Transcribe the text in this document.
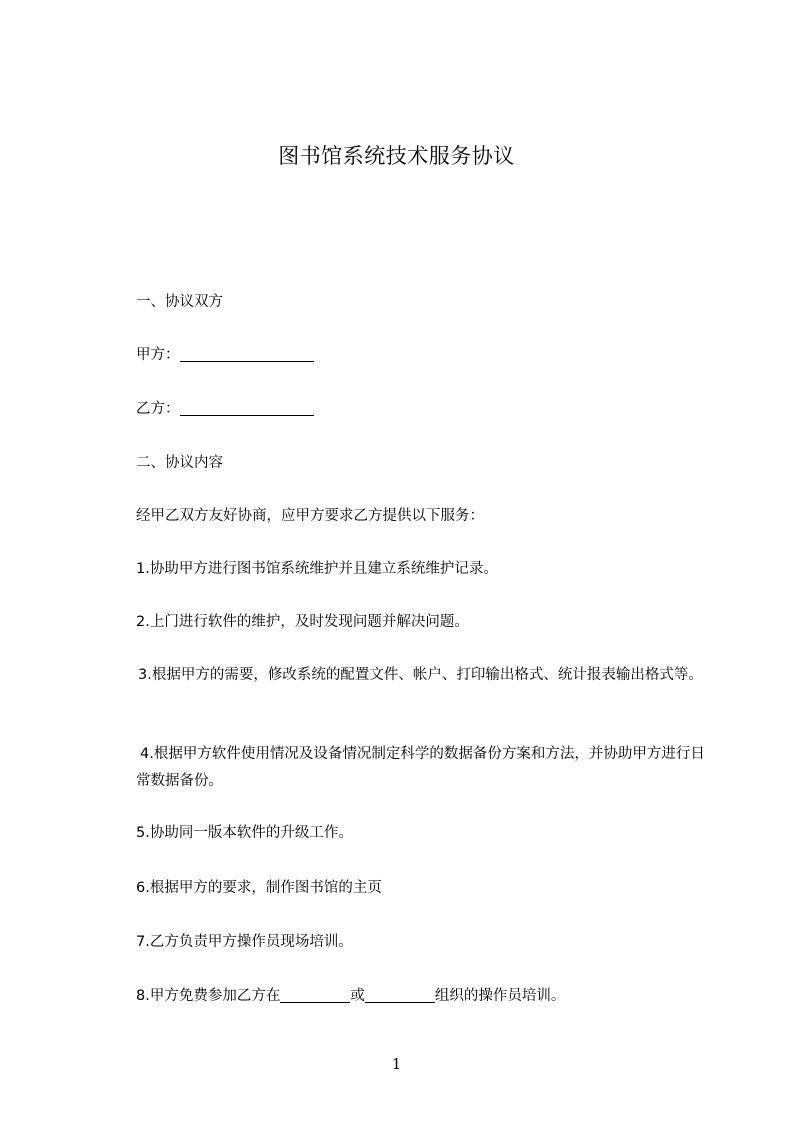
图书馆系统技术服务协议
一、协议双方
甲方：
乙方：
二、协议内容
经甲乙双方友好协商，应甲方要求乙方提供以下服务：
1.协助甲方进行图书馆系统维护并且建立系统维护记录。
2.上门进行软件的维护，及时发现问题并解决问题。
3.根据甲方的需要，修改系统的配置文件、帐户、打印输出格式、统计报表输出格式等。
4.根据甲方软件使用情况及设备情况制定科学的数据备份方案和方法，并协助甲方进行日常数据备份。
5.协助同一版本软件的升级工作。
6.根据甲方的要求，制作图书馆的主页
7.乙方负责甲方操作员现场培训。
8.甲方免费参加乙方在	或	组织的操作员培训。
1
